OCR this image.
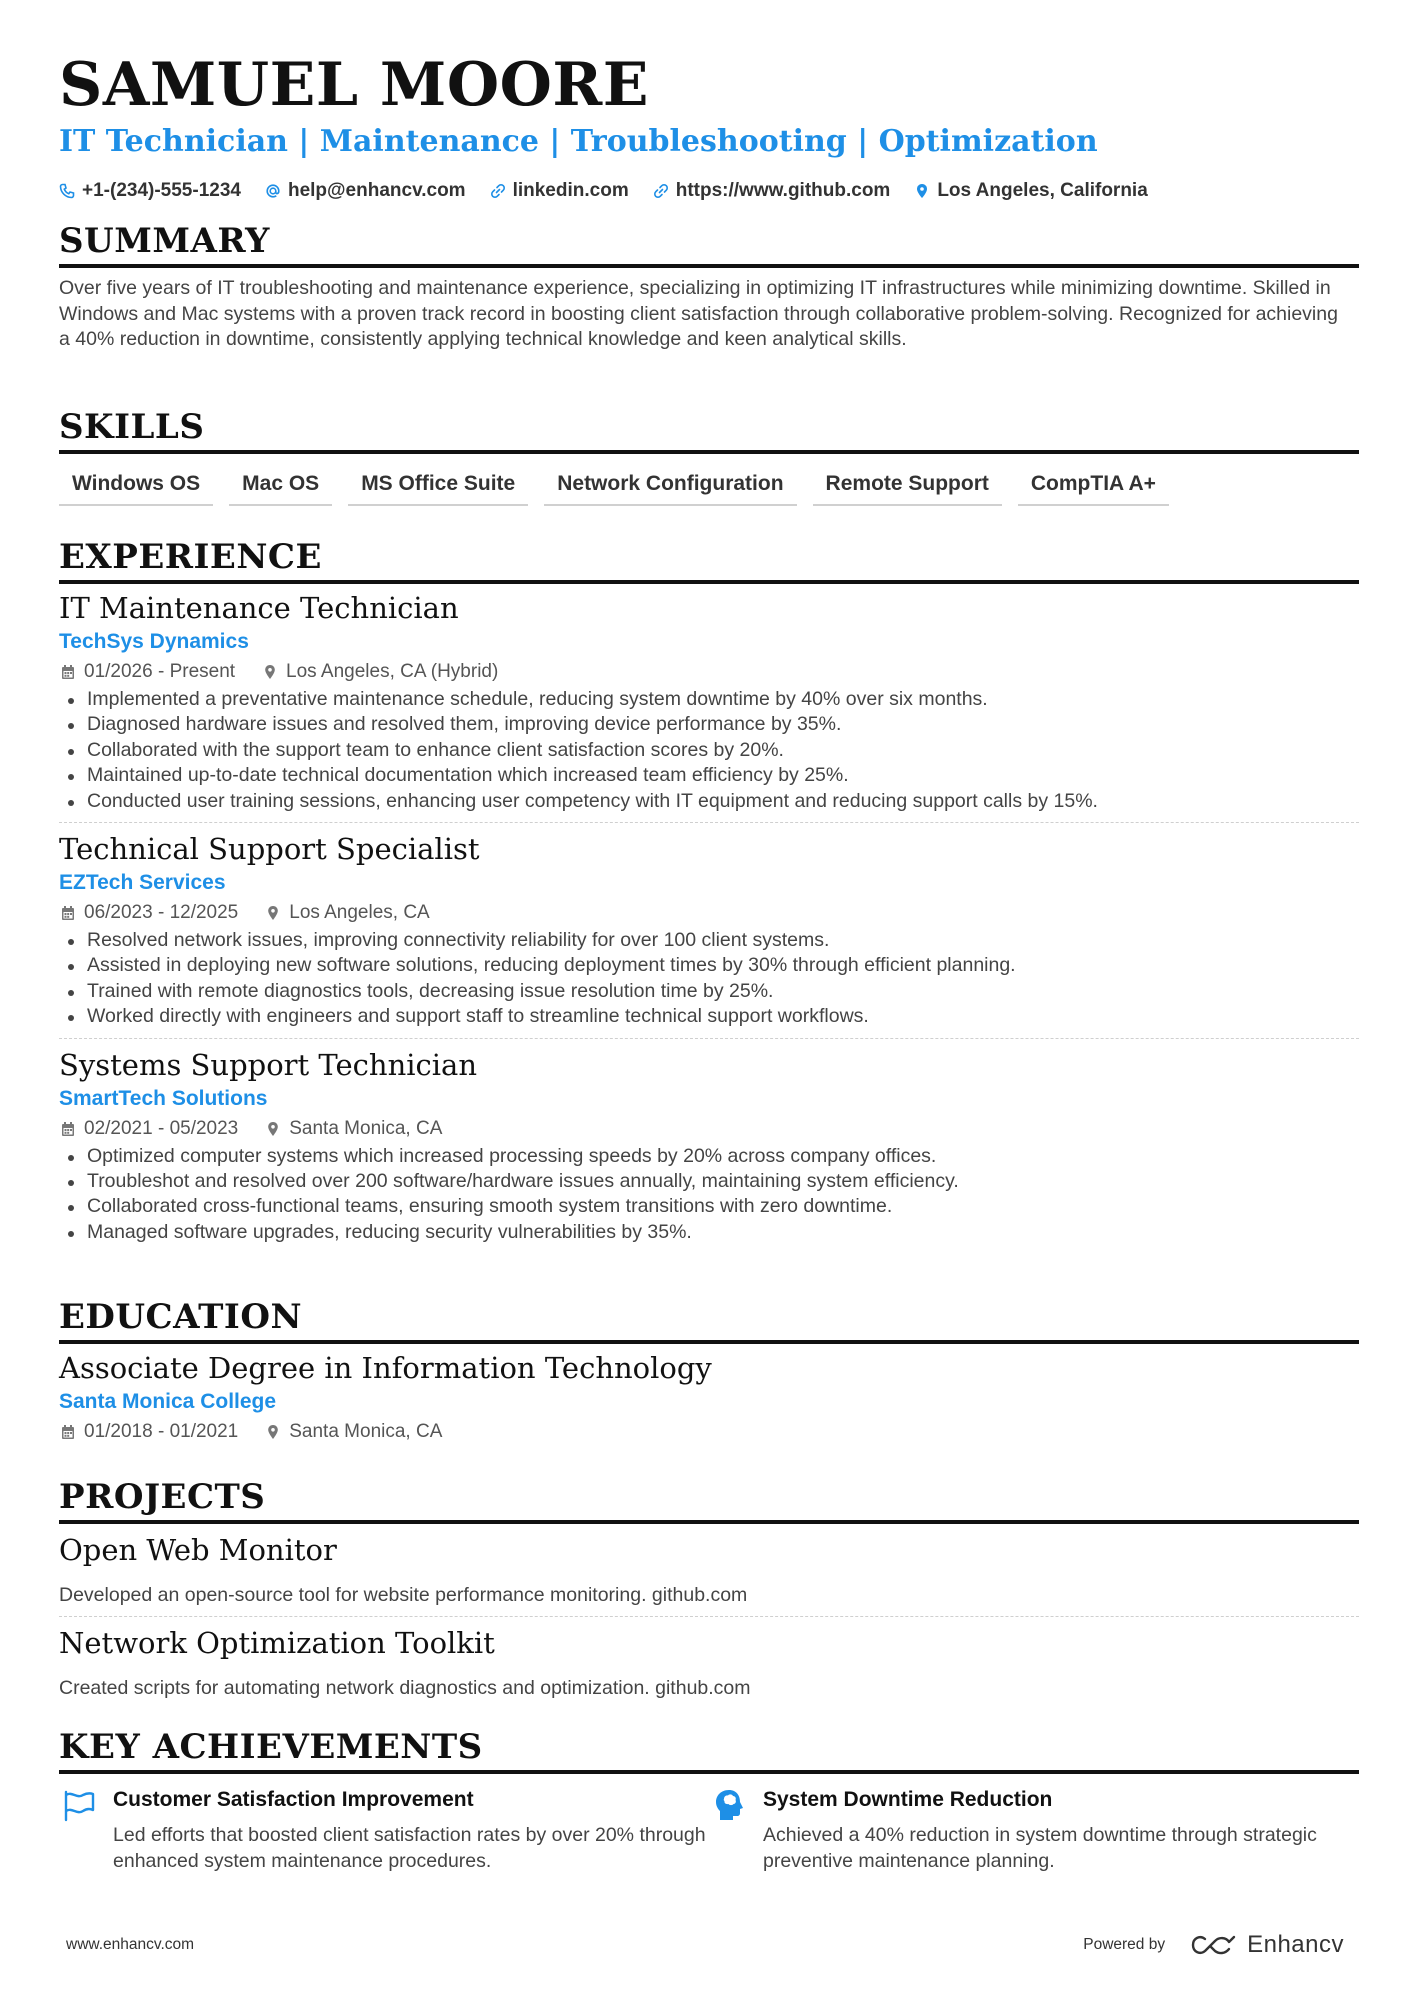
SAMUEL MOORE
IT Technician | Maintenance | Troubleshooting | Optimization
+1-(234)-555-1234 help@enhancv.com linkedin.com https://www.github.com Los Angeles, California
SUMMARY
Over five years of IT troubleshooting and maintenance experience, specializing in optimizing IT infrastructures while minimizing downtime. Skilled in Windows and Mac systems with a proven track record in boosting client satisfaction through collaborative problem-solving. Recognized for achieving a 40% reduction in downtime, consistently applying technical knowledge and keen analytical skills.
SKILLS
Windows OS	Mac OS	MS Office Suite	Network Configuration	Remote Support	CompTIA A+
EXPERIENCE
IT Maintenance Technician
TechSys Dynamics
01/2026 - Present	Los Angeles, CA (Hybrid)
Implemented a preventative maintenance schedule, reducing system downtime by 40% over six months.
Diagnosed hardware issues and resolved them, improving device performance by 35%.
Collaborated with the support team to enhance client satisfaction scores by 20%.
Maintained up-to-date technical documentation which increased team efficiency by 25%.
Conducted user training sessions, enhancing user competency with IT equipment and reducing support calls by 15%.
Technical Support Specialist
EZTech Services
06/2023 - 12/2025	Los Angeles, CA
Resolved network issues, improving connectivity reliability for over 100 client systems.
Assisted in deploying new software solutions, reducing deployment times by 30% through efficient planning.
Trained with remote diagnostics tools, decreasing issue resolution time by 25%.
Worked directly with engineers and support staff to streamline technical support workflows.
Systems Support Technician
SmartTech Solutions
02/2021 - 05/2023	Santa Monica, CA
Optimized computer systems which increased processing speeds by 20% across company offices.
Troubleshot and resolved over 200 software/hardware issues annually, maintaining system efficiency.
Collaborated cross-functional teams, ensuring smooth system transitions with zero downtime.
Managed software upgrades, reducing security vulnerabilities by 35%.
EDUCATION
Associate Degree in Information Technology
Santa Monica College
01/2018 - 01/2021	Santa Monica, CA
PROJECTS
Open Web Monitor
Developed an open-source tool for website performance monitoring. github.com
Network Optimization Toolkit
Created scripts for automating network diagnostics and optimization. github.com
KEY ACHIEVEMENTS
Customer Satisfaction Improvement
Led efforts that boosted client satisfaction rates by over 20% through enhanced system maintenance procedures.
System Downtime Reduction
Achieved a 40% reduction in system downtime through strategic preventive maintenance planning.
www.enhancv.com	Powered by	Enhancv
